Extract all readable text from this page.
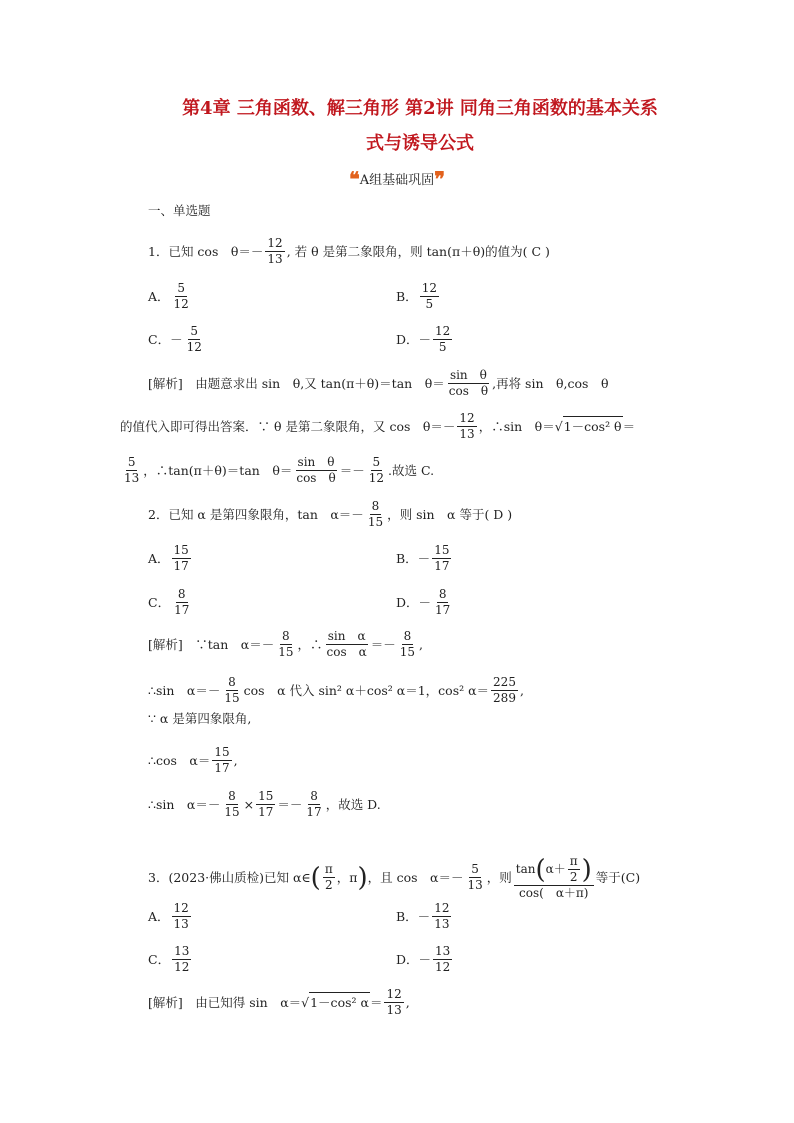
第4章 三角函数、解三角形 第2讲 同角三角函数的基本关系
式与诱导公式
❝A组基础巩固❞
一、单选题
1．已知 cos　$\theta=- \frac{12}{13}$ , 若 θ 是第二象限角，则 tan(π＋θ)的值为( C )
A． $\frac{5}{12}$	B． $\frac{12}{5}$
C．－ $\frac{5}{12}$	D．－ $\frac{12}{5}$
[解析]　由题意求出 sin　θ,又 tan(π＋θ)＝tan　$\theta= \frac{\text{sin　θ}}{\text{cos　θ}}$ ,再将 sin　θ,cos　θ
的值代入即可得出答案．∵ θ 是第二象限角，又 cos　$\theta=- \frac{12}{13}$ ，∴sin　θ＝ √ 1－cos² θ ＝
$\frac{5}{13}$ ，∴tan(π＋θ)＝tan　$\theta= \frac{\text{sin　θ}}{\text{cos　θ}} =- \frac{5}{12}$ .故选 C.
2．已知 α 是第四象限角，tan　$\alpha=- \frac{8}{15}$ ，则 sin　α 等于( D )
A． $\frac{15}{17}$	B．－ $\frac{15}{17}$
C． $\frac{8}{17}$	D．－ $\frac{8}{17}$
[解析]　∵tan　$\alpha=- \frac{8}{15}$ ，∴ $\frac{\text{sin　α}}{\text{cos　α}} =- \frac{8}{15}$ ,
∴sin　$\alpha=- \frac{8}{15}$ cos　α 代入 sin² α＋cos² α＝1，cos² $\alpha= \frac{225}{289}$ ,
∵ α 是第四象限角,
∴cos　$\alpha= \frac{15}{17}$ ,
∴sin　$\alpha=- \frac{8}{15} \times \frac{15}{17} =- \frac{8}{17}$ ，故选 D.
3．(2023·佛山质检)已知 α∈ ( $\frac{\pi}{2}$ ，π ) ，且 cos　$\alpha=- \frac{5}{13}$ ，则 $\frac{\tan ( \alpha+ \frac{\pi}{2} )}{\cos( \alpha+\pi)}$ 等于(C)
A． $\frac{12}{13}$	B．－ $\frac{12}{13}$
C． $\frac{13}{12}$	D．－ $\frac{13}{12}$
[解析]　由已知得 sin　α＝ √ 1－cos² $\alpha = \frac{12}{13}$ ,
